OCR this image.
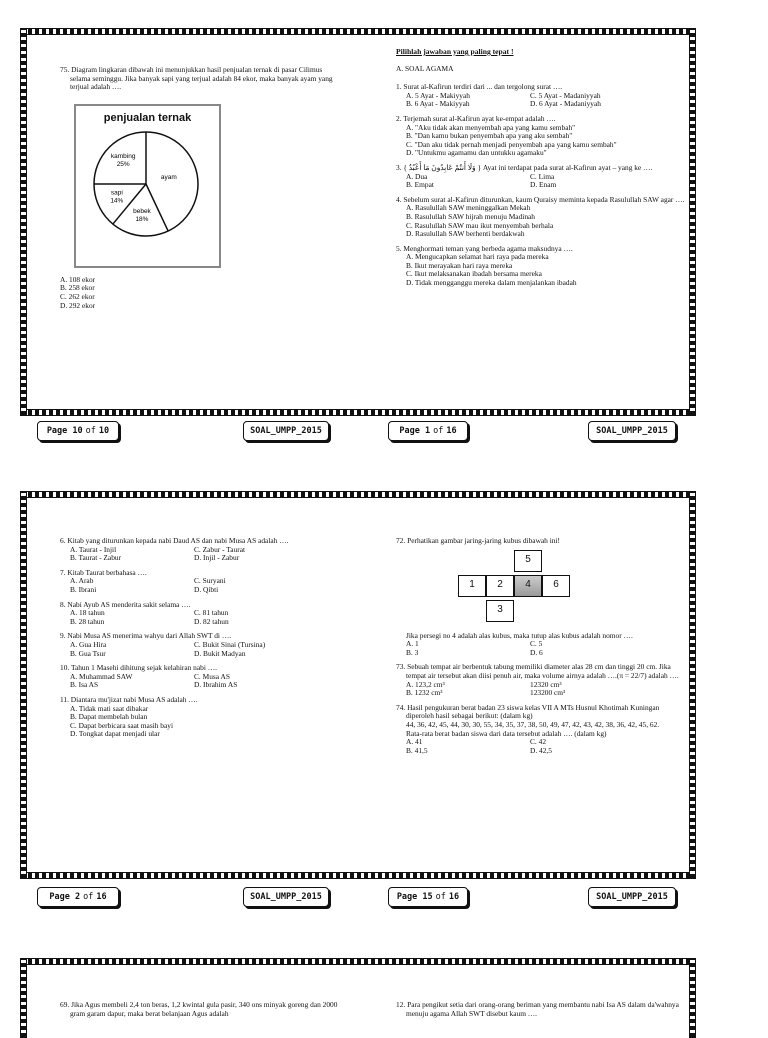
75. Diagram lingkaran dibawah ini menunjukkan hasil penjualan ternak di pasar Cilimus selama seminggu. Jika banyak sapi yang terjual adalah 84 ekor, maka banyak ayam yang terjual adalah ….
penjualan ternak
ayam
bebek
18%
sapi
14%
kambing
25%
A. 108 ekor
B. 258 ekor
C. 262 ekor
D. 292 ekor
Pilihlah jawaban yang paling tepat !
A. SOAL AGAMA
1. Surat al-Kafirun terdiri dari ... dan tergolong surat ….
A. 5 Ayat - Makiyyah	C. 5 Ayat - Madaniyyah
B. 6 Ayat - Makiyyah	D. 6 Ayat - Madaniyyah
2. Terjemah surat al-Kafirun ayat ke-empat adalah ….
A. "Aku tidak akan menyembah apa yang kamu sembah"
B. "Dan kamu bukan penyembah apa yang aku sembah"
C. "Dan aku tidak pernah menjadi penyembah apa yang kamu sembah"
D. "Untukmu agamamu dan untukku agamaku"
3. { وَلَا أَنتُمْ عَابِدُونَ مَا أَعْبُدُ } Ayat ini terdapat pada surat al-Kafirun ayat – yang ke ….
A. Dua	C. Lima
B. Empat	D. Enam
4. Sebelum surat al-Kafirun diturunkan, kaum Quraisy meminta kepada Rasulullah SAW agar ….
A. Rasulullah SAW meninggalkan Mekah
B. Rasulullah SAW hijrah menuju Madinah
C. Rasulullah SAW mau ikut menyembah berhala
D. Rasulullah SAW berhenti berdakwah
5. Menghormati teman yang berbeda agama maksudnya ….
A. Mengucapkan selamat hari raya pada mereka
B. Ikut merayakan hari raya mereka
C. Ikut melaksanakan ibadah bersama mereka
D. Tidak mengganggu mereka dalam menjalankan ibadah
Page
10 of 10	SOAL_UMPP_2015	Page
1 of 16	SOAL_UMPP_2015
6. Kitab yang diturunkan kepada nabi Daud AS dan nabi Musa AS adalah ….
A. Taurat - Injil	C. Zabur - Taurat
B. Taurat - Zabur	D. Injil - Zabur
7. Kitab Taurat berbahasa ….
A. Arab	C. Suryani
B. Ibrani	D. Qibti
8. Nabi Ayub AS menderita sakit selama ….
A. 18 tahun	C. 81 tahun
B. 28 tahun	D. 82 tahun
9. Nabi Musa AS menerima wahyu dari Allah SWT di ….
A. Gua Hira	C. Bukit Sinai (Tursina)
B. Gua Tsur	D. Bukit Madyan
10. Tahun 1 Masehi dihitung sejak kelahiran nabi ….
A. Muhammad SAW	C. Musa AS
B. Isa AS	D. Ibrahim AS
11. Diantara mu'jizat nabi Musa AS adalah ….
A. Tidak mati saat dibakar
B. Dapat membelah bulan
C. Dapat berbicara saat masih bayi
D. Tongkat dapat menjadi ular
72. Perhatikan gambar jaring-jaring kubus dibawah ini!
5
1	2	4	6
3
Jika persegi no 4 adalah alas kubus, maka tutup alas kubus adalah nomor ….
A. 1	C. 5
B. 3	D. 6
73. Sebuah tempat air berbentuk tabung memiliki diameter alas 28 cm dan tinggi 20 cm. Jika tempat air tersebut akan diisi penuh air, maka volume airnya adalah ….(π = 22/7) adalah ….
A. 123,2 cm³	12320 cm³
B. 1232 cm³	123200 cm³
74. Hasil pengukuran berat badan 23 siswa kelas VII A MTs Husnul Khotimah Kuningan diperoleh hasil sebagai berikut: (dalam kg)
44, 36, 42, 45, 44, 30, 30, 55, 34, 35, 37, 38, 50, 49, 47, 42, 43, 42, 38, 36, 42, 45, 62.
Rata-rata berat badan siswa dari data tersebut adalah …. (dalam kg)
A. 41	C. 42
B. 41,5	D. 42,5
Page
2 of 16	SOAL_UMPP_2015	Page
15 of 16	SOAL_UMPP_2015
69. Jika Agus membeli 2,4 ton beras, 1,2 kwintal gula pasir, 340 ons minyak goreng dan 2000 gram garam dapur, maka berat belanjaan Agus adalah
12. Para pengikut setia dari orang-orang beriman yang membantu nabi Isa AS dalam da'wahnya menuju agama Allah SWT disebut kaum ….
